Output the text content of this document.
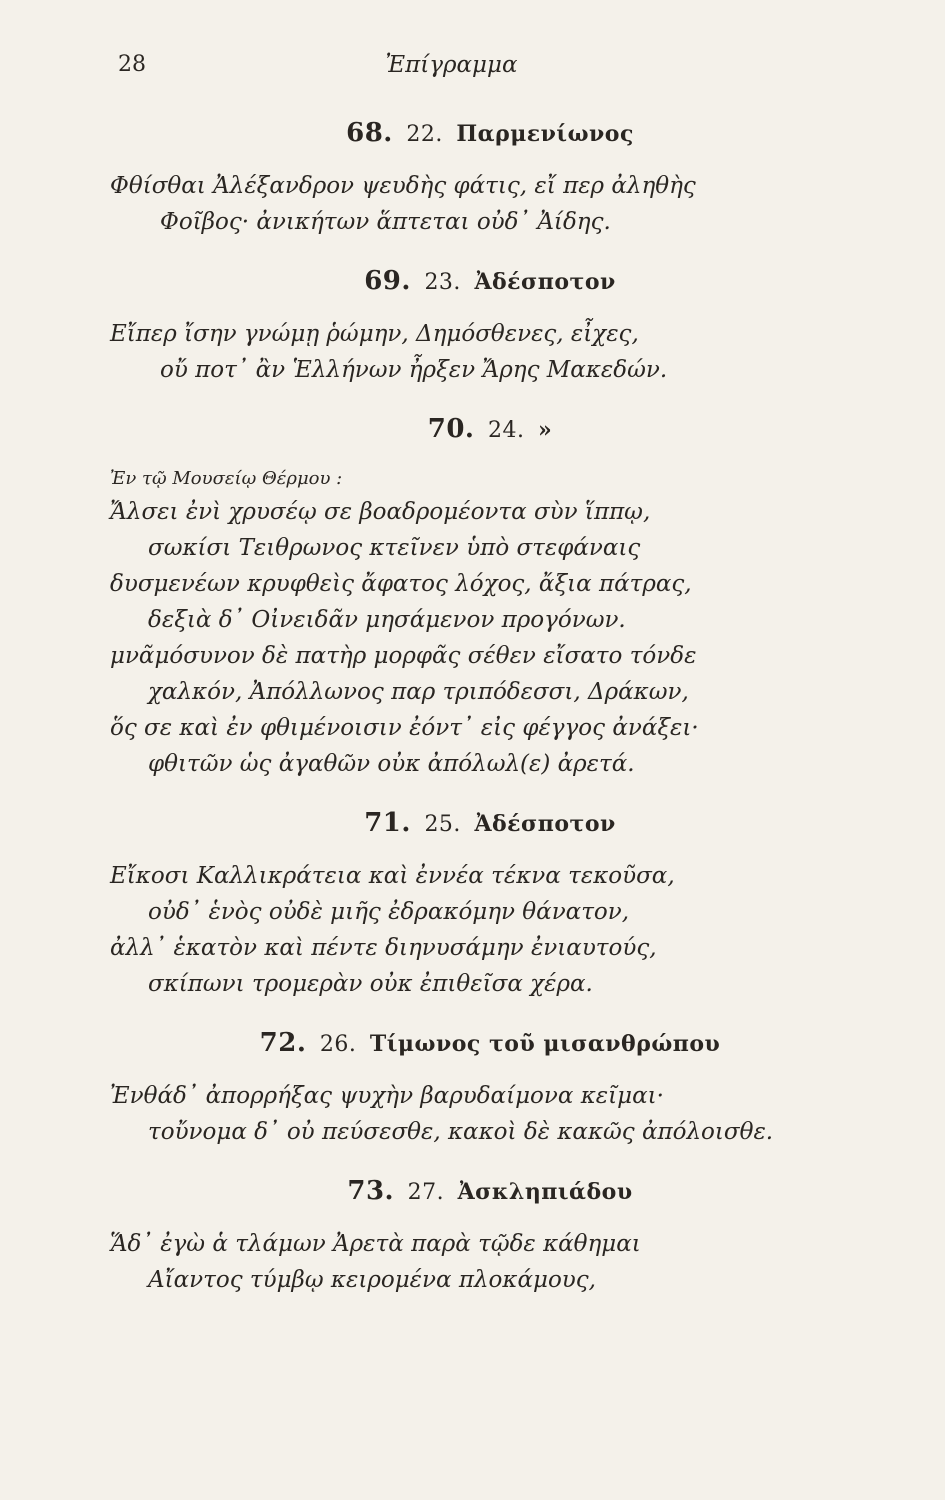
28	Ἐπίγραμμα
68. 22. Παρμενίωνος
Φθίσθαι Ἀλέξανδρον ψευδὴς φάτις, εἴ περ ἀληθὴς
Φοῖβος· ἀνικήτων ἅπτεται οὐδ᾽ Ἀίδης.
69. 23. Ἀδέσποτον
Εἴπερ ἴσην γνώμῃ ῥώμην, Δημόσθενες, εἶχες,
οὔ ποτ᾽ ἂν Ἑλλήνων ἦρξεν Ἄρης Μακεδών.
70. 24. »
Ἐν τῷ Μουσείῳ Θέρμου :
Ἄλσει ἐνὶ χρυσέῳ σε βοαδρομέοντα σὺν ἵππῳ,
σωκίσι Τειθρωνος κτεῖνεν ὑπὸ στεφάναις
δυσμενέων κρυφθεὶς ἄφατος λόχος, ἄξια πάτρας,
δεξιὰ δ᾽ Οἰνειδᾶν μησάμενον προγόνων.
μνᾶμόσυνον δὲ πατὴρ μορφᾶς σέθεν εἴσατο τόνδε
χαλκόν, Ἀπόλλωνος παρ τριπόδεσσι, Δράκων,
ὅς σε καὶ ἐν φθιμένοισιν ἐόντ᾽ εἰς φέγγος ἀνάξει·
φθιτῶν ὡς ἀγαθῶν οὐκ ἀπόλωλ(ε) ἀρετά.
71. 25. Ἀδέσποτον
Εἴκοσι Καλλικράτεια καὶ ἐννέα τέκνα τεκοῦσα,
οὐδ᾽ ἑνὸς οὐδὲ μιῆς ἐδρακόμην θάνατον,
ἀλλ᾽ ἑκατὸν καὶ πέντε διηνυσάμην ἐνιαυτούς,
σκίπωνι τρομερὰν οὐκ ἐπιθεῖσα χέρα.
72. 26. Τίμωνος τοῦ μισανθρώπου
Ἐνθάδ᾽ ἀπορρήξας ψυχὴν βαρυδαίμονα κεῖμαι·
τοὔνομα δ᾽ οὐ πεύσεσθε, κακοὶ δὲ κακῶς ἀπόλοισθε.
73. 27. Ἀσκληπιάδου
Ἅδ᾽ ἐγὼ ἁ τλάμων Ἀρετὰ παρὰ τῷδε κάθημαι
Αἴαντος τύμβῳ κειρομένα πλοκάμους,
